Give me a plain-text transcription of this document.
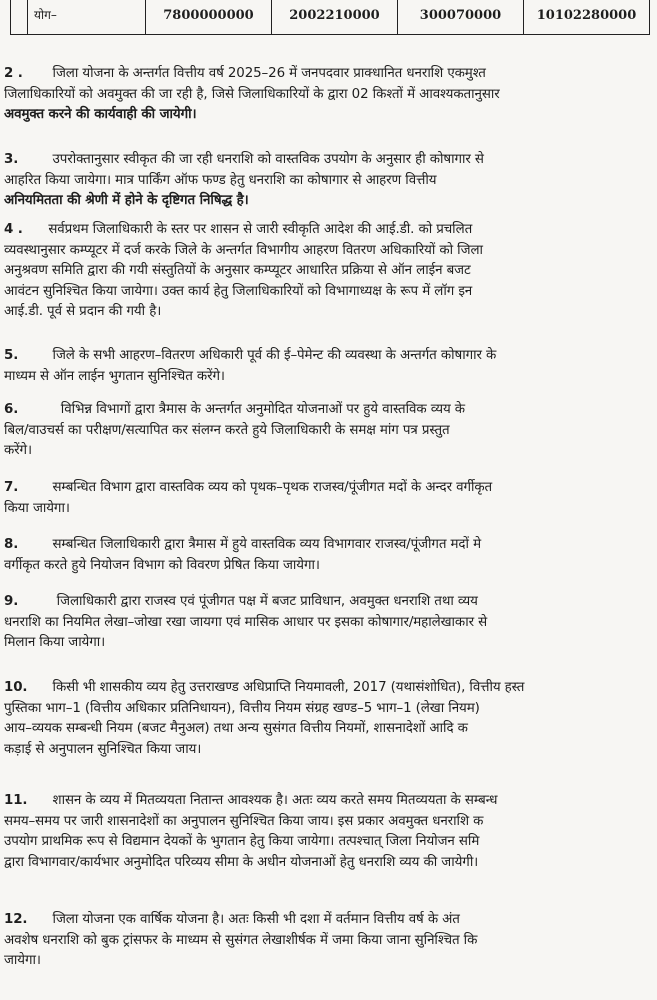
योग–	7800000000	2002210000	300070000	10102280000
2 . जिला योजना के अन्तर्गत वित्तीय वर्ष 2025–26 में जनपदवार प्राक्धानित धनराशि एकमुश्त
जिलाधिकारियों को अवमुक्त की जा रही है, जिसे जिलाधिकारियों के द्वारा 02 किश्तों में आवश्यकतानुसार
अवमुक्त करने की कार्यवाही की जायेगी।
3.	उपरोक्तानुसार स्वीकृत की जा रही धनराशि को वास्तविक उपयोग के अनुसार ही कोषागार से
आहरित किया जायेगा। मात्र पार्किंग ऑफ फण्ड हेतु धनराशि का कोषागार से आहरण वित्तीय
अनियमितता की श्रेणी में होने के दृष्टिगत निषिद्ध है।
4 . सर्वप्रथम जिलाधिकारी के स्तर पर शासन से जारी स्वीकृति आदेश की आई.डी. को प्रचलित
व्यवस्थानुसार कम्प्यूटर में दर्ज करके जिले के अन्तर्गत विभागीय आहरण वितरण अधिकारियों को जिला
अनुश्रवण समिति द्वारा की गयी संस्तुतियों के अनुसार कम्प्यूटर आधारित प्रक्रिया से ऑन लाईन बजट
आवंटन सुनिश्चित किया जायेगा। उक्त कार्य हेतु जिलाधिकारियों को विभागाध्यक्ष के रूप में लॉग इन
आई.डी. पूर्व से प्रदान की गयी है।
5.	जिले के सभी आहरण–वितरण अधिकारी पूर्व की ई–पेमेन्ट की व्यवस्था के अन्तर्गत कोषागार के
माध्यम से ऑन लाईन भुगतान सुनिश्चित करेंगे।
6.	विभिन्न विभागों द्वारा त्रैमास के अन्तर्गत अनुमोदित योजनाओं पर हुये वास्तविक व्यय के
बिल/वाउचर्स का परीक्षण/सत्यापित कर संलग्न करते हुये जिलाधिकारी के समक्ष मांग पत्र प्रस्तुत
करेंगे।
7.	सम्बन्धित विभाग द्वारा वास्तविक व्यय को पृथक–पृथक राजस्व/पूंजीगत मदों के अन्दर वर्गीकृत
किया जायेगा।
8.	सम्बन्धित जिलाधिकारी द्वारा त्रैमास में हुये वास्तविक व्यय विभागवार राजस्व/पूंजीगत मदों मे
वर्गीकृत करते हुये नियोजन विभाग को विवरण प्रेषित किया जायेगा।
9.	जिलाधिकारी द्वारा राजस्व एवं पूंजीगत पक्ष में बजट प्राविधान, अवमुक्त धनराशि तथा व्यय
धनराशि का नियमित लेखा–जोखा रखा जायगा एवं मासिक आधार पर इसका कोषागार/महालेखाकार से
मिलान किया जायेगा।
10. किसी भी शासकीय व्यय हेतु उत्तराखण्ड अधिप्राप्ति नियमावली, 2017 (यथासंशोधित), वित्तीय हस्त
पुस्तिका भाग–1 (वित्तीय अधिकार प्रतिनिधायन), वित्तीय नियम संग्रह खण्ड–5 भाग–1 (लेखा नियम)
आय–व्ययक सम्बन्धी नियम (बजट मैनुअल) तथा अन्य सुसंगत वित्तीय नियमों, शासनादेशों आदि क
कड़ाई से अनुपालन सुनिश्चित किया जाय।
11. शासन के व्यय में मितव्ययता नितान्त आवश्यक है। अतः व्यय करते समय मितव्ययता के सम्बन्ध
समय–समय पर जारी शासनादेशों का अनुपालन सुनिश्चित किया जाय। इस प्रकार अवमुक्त धनराशि क
उपयोग प्राथमिक रूप से विद्यमान देयकों के भुगतान हेतु किया जायेगा। तत्पश्चात् जिला नियोजन समि
द्वारा विभागवार/कार्यभार अनुमोदित परिव्यय सीमा के अधीन योजनाओं हेतु धनराशि व्यय की जायेगी।
12. जिला योजना एक वार्षिक योजना है। अतः किसी भी दशा में वर्तमान वित्तीय वर्ष के अंत
अवशेष धनराशि को बुक ट्रांसफर के माध्यम से सुसंगत लेखाशीर्षक में जमा किया जाना सुनिश्चित कि
जायेगा।
